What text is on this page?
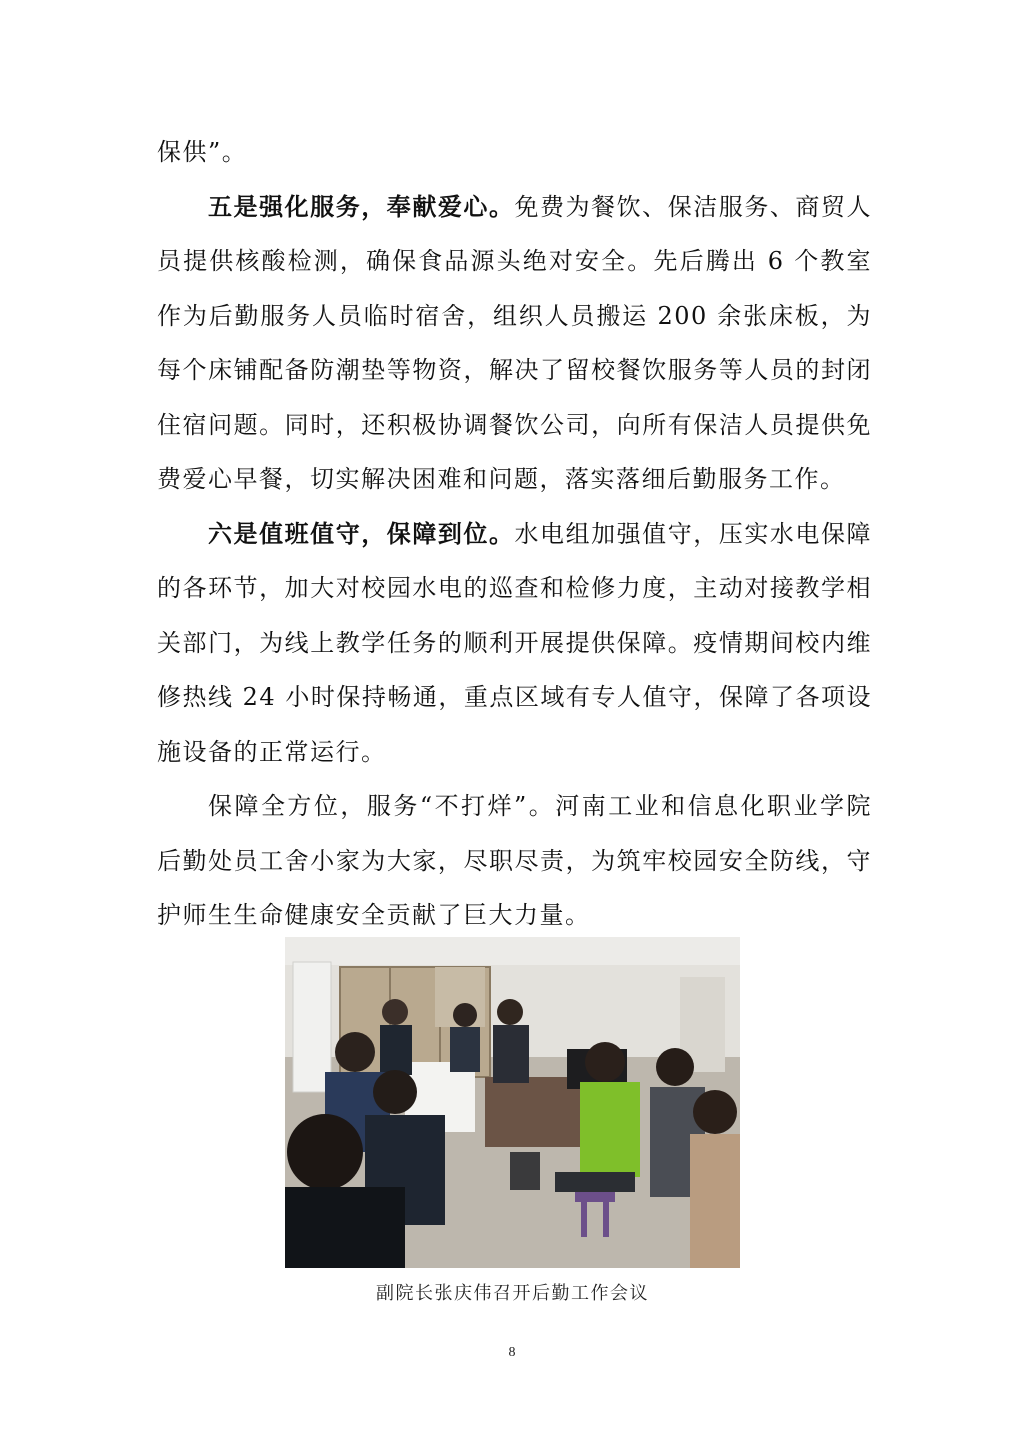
保供”。

五是强化服务，奉献爱心。免费为餐饮、保洁服务、商贸人员提供核酸检测，确保食品源头绝对安全。先后腾出 6 个教室作为后勤服务人员临时宿舍，组织人员搬运 200 余张床板，为每个床铺配备防潮垫等物资，解决了留校餐饮服务等人员的封闭住宿问题。同时，还积极协调餐饮公司，向所有保洁人员提供免费爱心早餐，切实解决困难和问题，落实落细后勤服务工作。

六是值班值守，保障到位。水电组加强值守，压实水电保障的各环节，加大对校园水电的巡查和检修力度，主动对接教学相关部门，为线上教学任务的顺利开展提供保障。疫情期间校内维修热线 24 小时保持畅通，重点区域有专人值守，保障了各项设施设备的正常运行。

保障全方位，服务“不打烊”。河南工业和信息化职业学院后勤处员工舍小家为大家，尽职尽责，为筑牢校园安全防线，守护师生生命健康安全贡献了巨大力量。

副院长张庆伟召开后勤工作会议
8
